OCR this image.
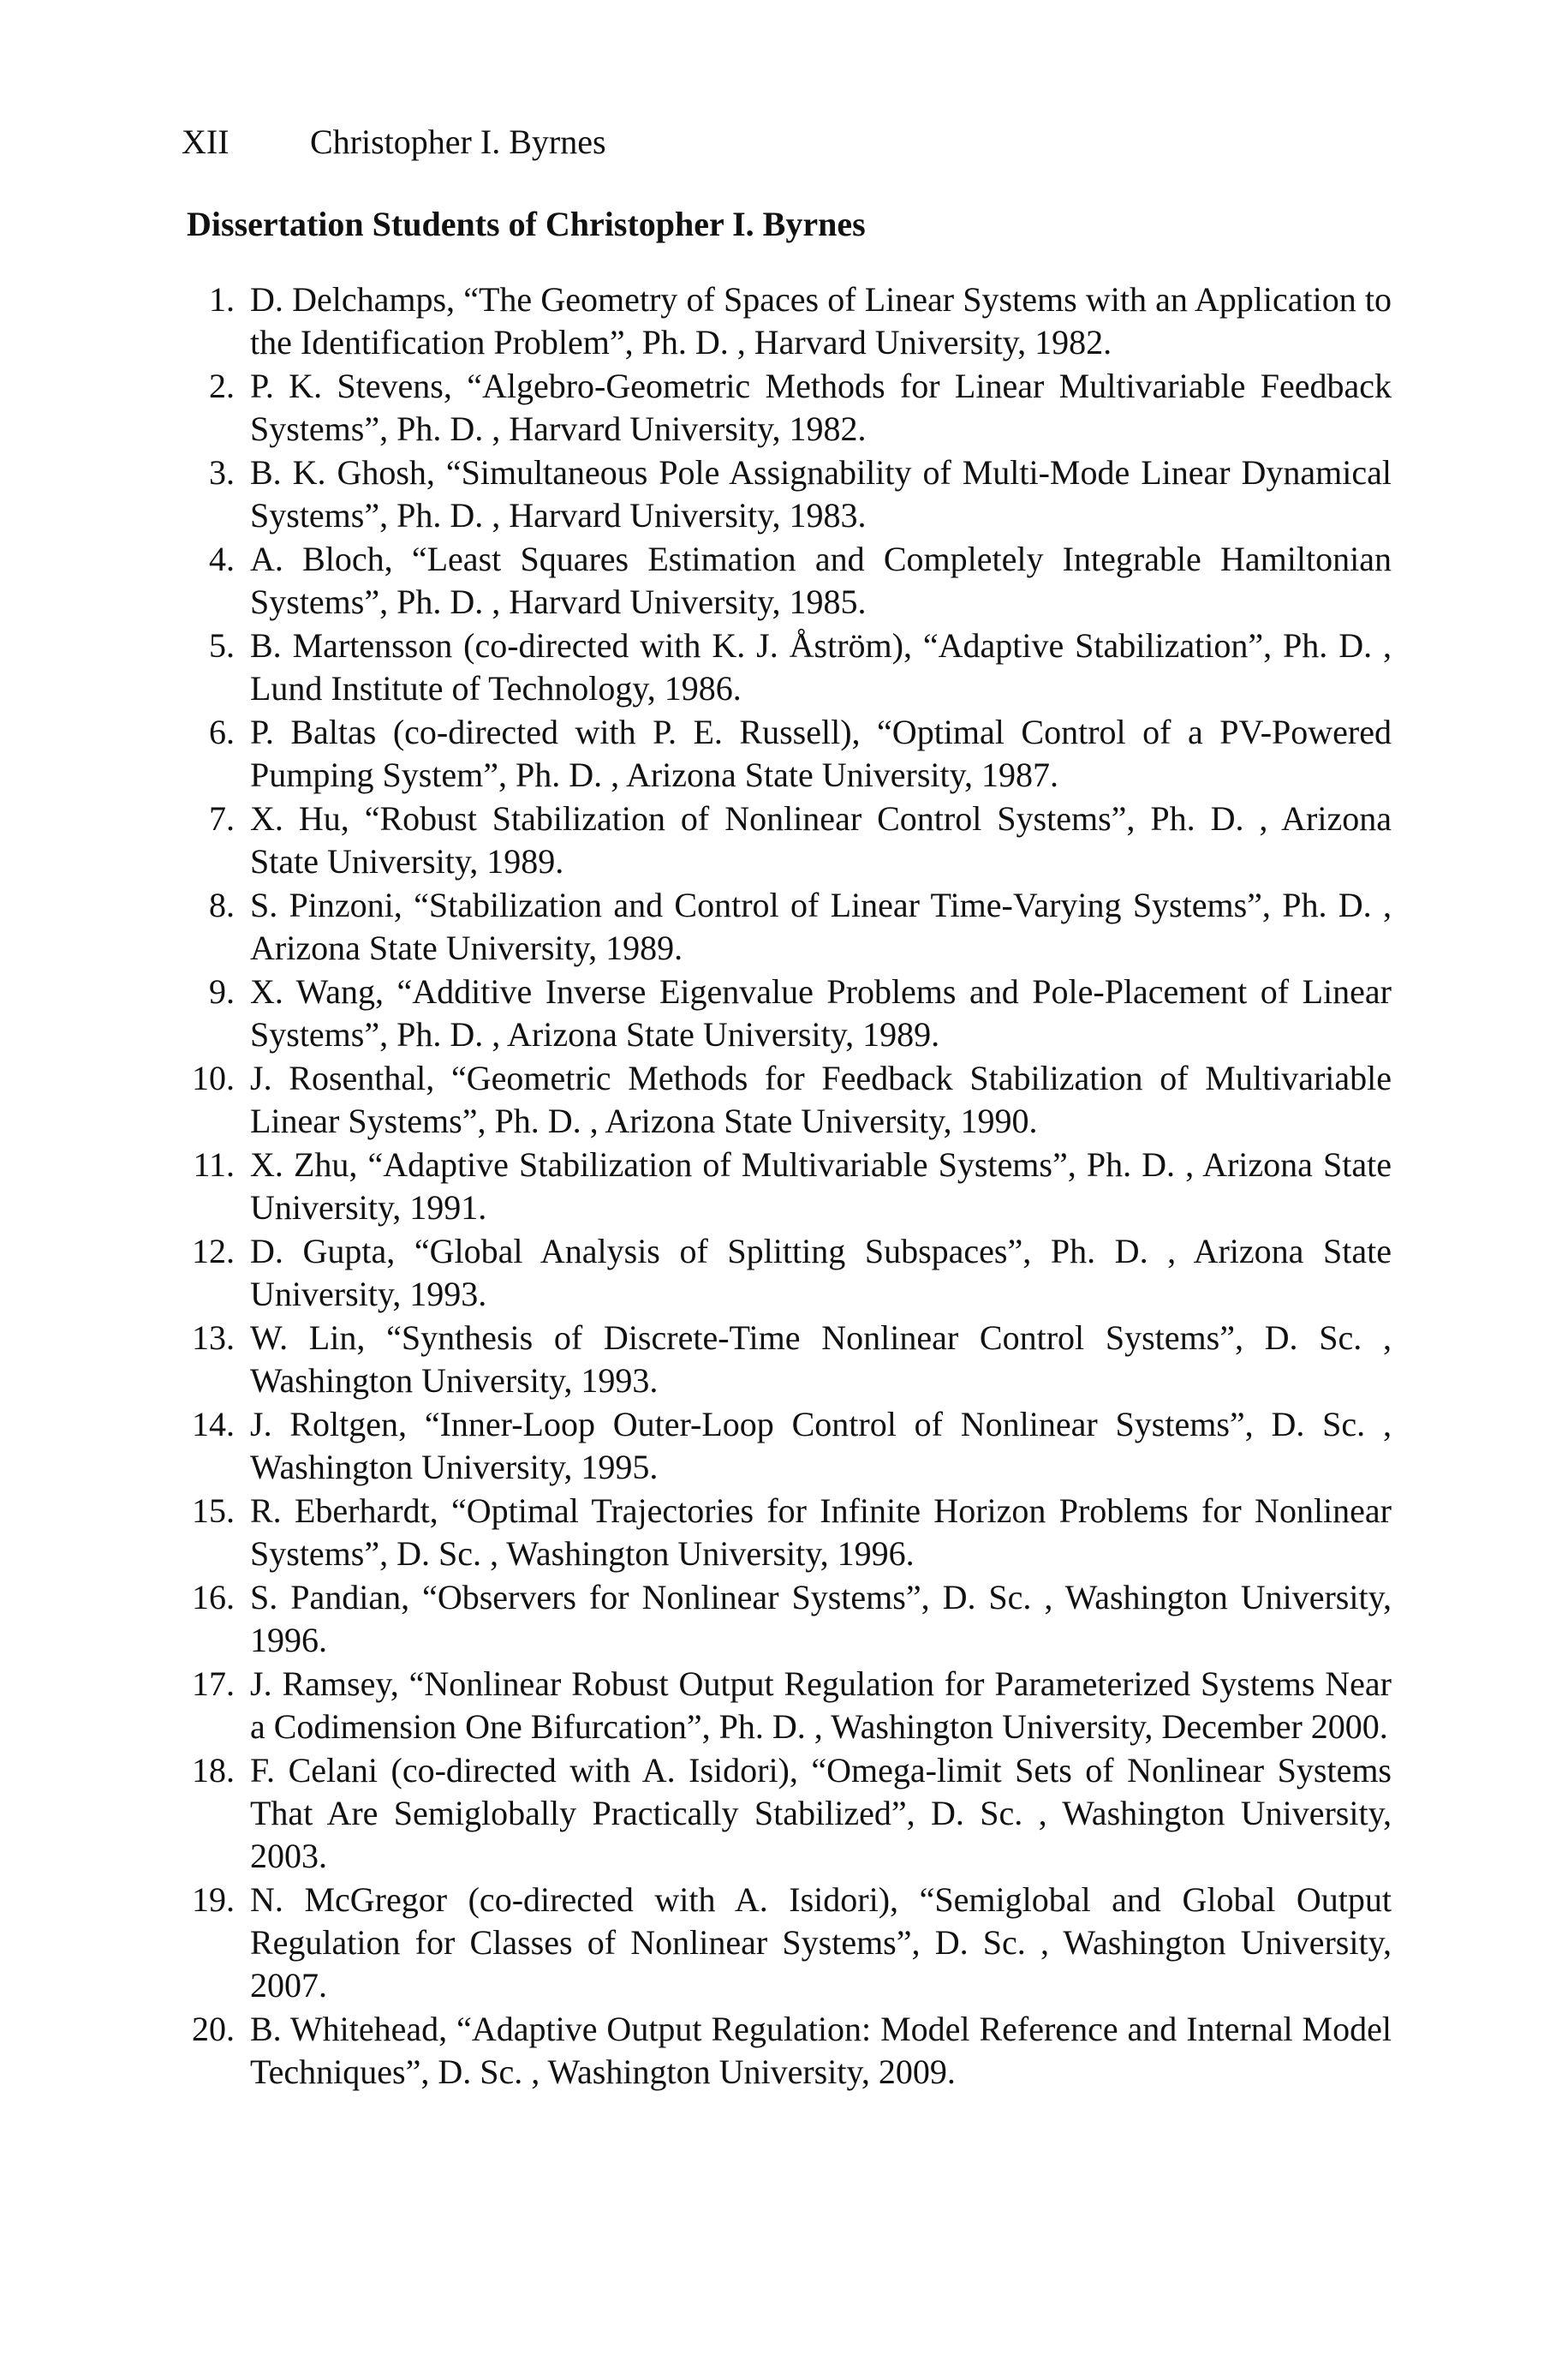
XII Christopher I. Byrnes
Dissertation Students of Christopher I. Byrnes
1. D. Delchamps, “The Geometry of Spaces of Linear Systems with an Application to the Identification Problem”, Ph. D. , Harvard University, 1982.
2. P. K. Stevens, “Algebro-Geometric Methods for Linear Multivariable Feedback Systems”, Ph. D. , Harvard University, 1982.
3. B. K. Ghosh, “Simultaneous Pole Assignability of Multi-Mode Linear Dynamical Systems”, Ph. D. , Harvard University, 1983.
4. A. Bloch, “Least Squares Estimation and Completely Integrable Hamiltonian Systems”, Ph. D. , Harvard University, 1985.
5. B. Martensson (co-directed with K. J. Åström), “Adaptive Stabilization”, Ph. D. , Lund Institute of Technology, 1986.
6. P. Baltas (co-directed with P. E. Russell), “Optimal Control of a PV-Powered Pumping System”, Ph. D. , Arizona State University, 1987.
7. X. Hu, “Robust Stabilization of Nonlinear Control Systems”, Ph. D. , Arizona State University, 1989.
8. S. Pinzoni, “Stabilization and Control of Linear Time-Varying Systems”, Ph. D. , Arizona State University, 1989.
9. X. Wang, “Additive Inverse Eigenvalue Problems and Pole-Placement of Linear Systems”, Ph. D. , Arizona State University, 1989.
10. J. Rosenthal, “Geometric Methods for Feedback Stabilization of Multivariable Linear Systems”, Ph. D. , Arizona State University, 1990.
11. X. Zhu, “Adaptive Stabilization of Multivariable Systems”, Ph. D. , Arizona State University, 1991.
12. D. Gupta, “Global Analysis of Splitting Subspaces”, Ph. D. , Arizona State University, 1993.
13. W. Lin, “Synthesis of Discrete-Time Nonlinear Control Systems”, D. Sc. , Washington University, 1993.
14. J. Roltgen, “Inner-Loop Outer-Loop Control of Nonlinear Systems”, D. Sc. , Washington University, 1995.
15. R. Eberhardt, “Optimal Trajectories for Infinite Horizon Problems for Nonlinear Systems”, D. Sc. , Washington University, 1996.
16. S. Pandian, “Observers for Nonlinear Systems”, D. Sc. , Washington University, 1996.
17. J. Ramsey, “Nonlinear Robust Output Regulation for Parameterized Systems Near a Codimension One Bifurcation”, Ph. D. , Washington University, December 2000.
18. F. Celani (co-directed with A. Isidori), “Omega-limit Sets of Nonlinear Systems That Are Semiglobally Practically Stabilized”, D. Sc. , Washington University, 2003.
19. N. McGregor (co-directed with A. Isidori), “Semiglobal and Global Output Regulation for Classes of Nonlinear Systems”, D. Sc. , Washington University, 2007.
20. B. Whitehead, “Adaptive Output Regulation: Model Reference and Internal Model Techniques”, D. Sc. , Washington University, 2009.
